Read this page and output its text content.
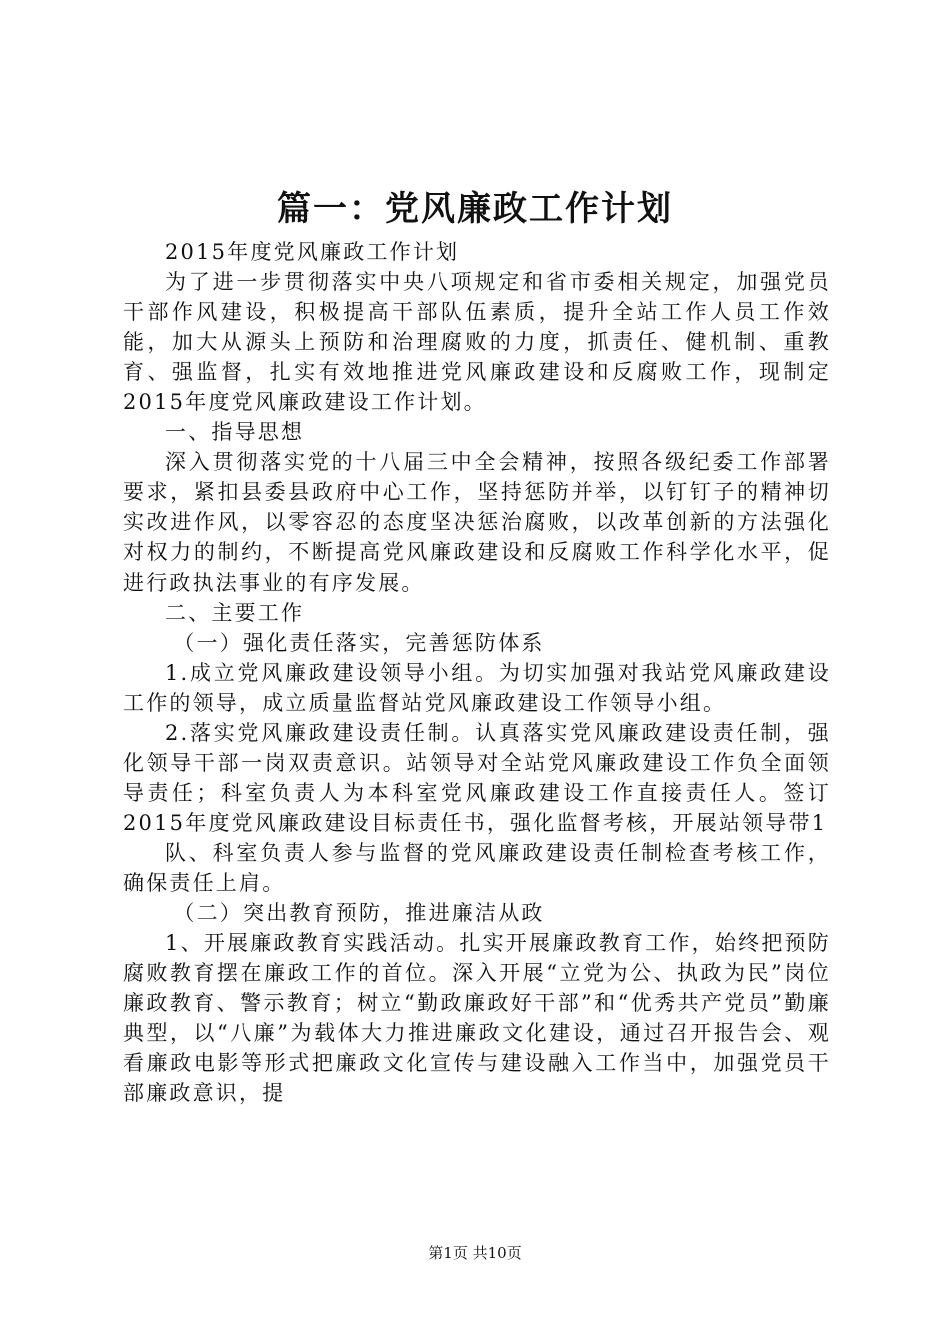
篇一：党风廉政工作计划

2015年度党风廉政工作计划

为了进一步贯彻落实中央八项规定和省市委相关规定，加强党员干部作风建设，积极提高干部队伍素质，提升全站工作人员工作效能，加大从源头上预防和治理腐败的力度，抓责任、健机制、重教育、强监督，扎实有效地推进党风廉政建设和反腐败工作，现制定2015年度党风廉政建设工作计划。

一、指导思想

深入贯彻落实党的十八届三中全会精神，按照各级纪委工作部署要求，紧扣县委县政府中心工作，坚持惩防并举，以钉钉子的精神切实改进作风，以零容忍的态度坚决惩治腐败，以改革创新的方法强化对权力的制约，不断提高党风廉政建设和反腐败工作科学化水平，促进行政执法事业的有序发展。

二、主要工作

（一）强化责任落实，完善惩防体系

1.成立党风廉政建设领导小组。为切实加强对我站党风廉政建设工作的领导，成立质量监督站党风廉政建设工作领导小组。

2.落实党风廉政建设责任制。认真落实党风廉政建设责任制，强化领导干部一岗双责意识。站领导对全站党风廉政建设工作负全面领导责任；科室负责人为本科室党风廉政建设工作直接责任人。签订2015年度党风廉政建设目标责任书，强化监督考核，开展站领导带1

队、科室负责人参与监督的党风廉政建设责任制检查考核工作，确保责任上肩。

（二）突出教育预防，推进廉洁从政

1、开展廉政教育实践活动。扎实开展廉政教育工作，始终把预防腐败教育摆在廉政工作的首位。深入开展“立党为公、执政为民”岗位廉政教育、警示教育；树立“勤政廉政好干部”和“优秀共产党员”勤廉典型，以“八廉”为载体大力推进廉政文化建设，通过召开报告会、观看廉政电影等形式把廉政文化宣传与建设融入工作当中，加强党员干部廉政意识，提

第1页 共10页
